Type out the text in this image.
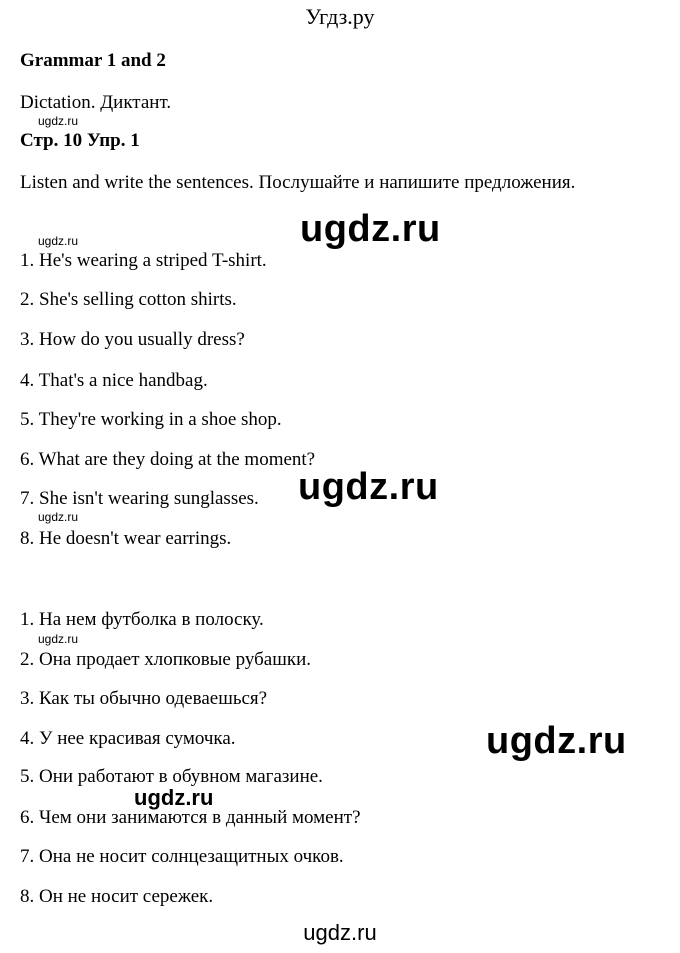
Угдз.ру
Grammar 1 and 2
Dictation. Диктант.
ugdz.ru
Стр. 10 Упр. 1
Listen and write the sentences. Послушайте и напишите предложения.
ugdz.ru
ugdz.ru
1. He's wearing a striped T-shirt.
2. She's selling cotton shirts.
3. How do you usually dress?
4. That's a nice handbag.
5. They're working in a shoe shop.
6. What are they doing at the moment?
7. She isn't wearing sunglasses. ugdz.ru
ugdz.ru
8. He doesn't wear earrings.
1. На нем футболка в полоску.
ugdz.ru
2. Она продает хлопковые рубашки.
3. Как ты обычно одеваешься?
4. У нее красивая сумочка.	ugdz.ru
5. Они работают в обувном магазине.
ugdz.ru
6. Чем они занимаются в данный момент?
7. Она не носит солнцезащитных очков.
8. Он не носит сережек.
ugdz.ru
